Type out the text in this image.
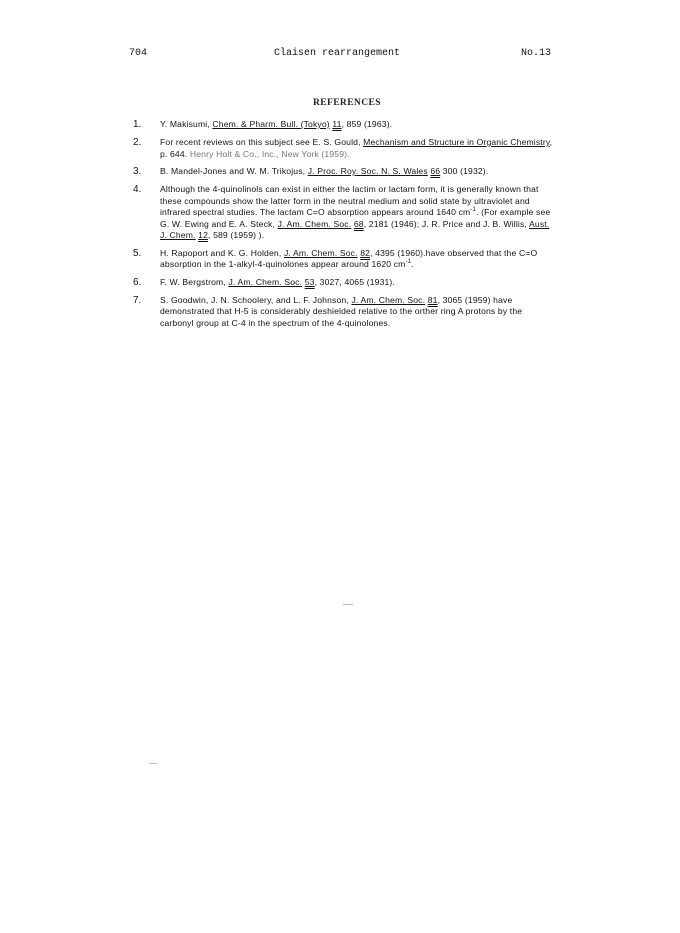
704	Claisen rearrangement	No.13
REFERENCES
1.	Y. Makisumi, Chem. & Pharm. Bull. (Tokyo) 11, 859 (1963).
2.	For recent reviews on this subject see E. S. Gould, Mechanism and Structure in Organic Chemistry, p. 644. Henry Holt & Co., Inc., New York (1959).
3.	B. Mandel-Jones and W. M. Trikojus, J. Proc. Roy. Soc. N. S. Wales 66 300 (1932).
4.	Although the 4-quinolinols can exist in either the lactim or lactam form, it is generally known that these compounds show the latter form in the neutral medium and solid state by ultraviolet and infrared spectral studies. The lactam C=O absorption appears around 1640 $cm^{-1}$. (For example see G. W. Ewing and E. A. Steck, J. Am. Chem. Soc. 68, 2181 (1946); J. R. Price and J. B. Willis, Aust. J. Chem. 12, 589 (1959) ).
5.	H. Rapoport and K. G. Holden, J. Am. Chem. Soc. 82, 4395 (1960).have observed that the C=O absorption in the 1-alkyl-4-quinolones appear around 1620 $cm^{-1}$.
6.	F. W. Bergstrom, J. Am. Chem. Soc. 53, 3027, 4065 (1931).
7.	S. Goodwin, J. N. Schoolery, and L. F. Johnson, J. Am. Chem. Soc. 81, 3065 (1959) have demonstrated that H-5 is considerably deshielded relative to the orther ring A protons by the carbonyl group at C-4 in the spectrum of the 4-quinolones.
